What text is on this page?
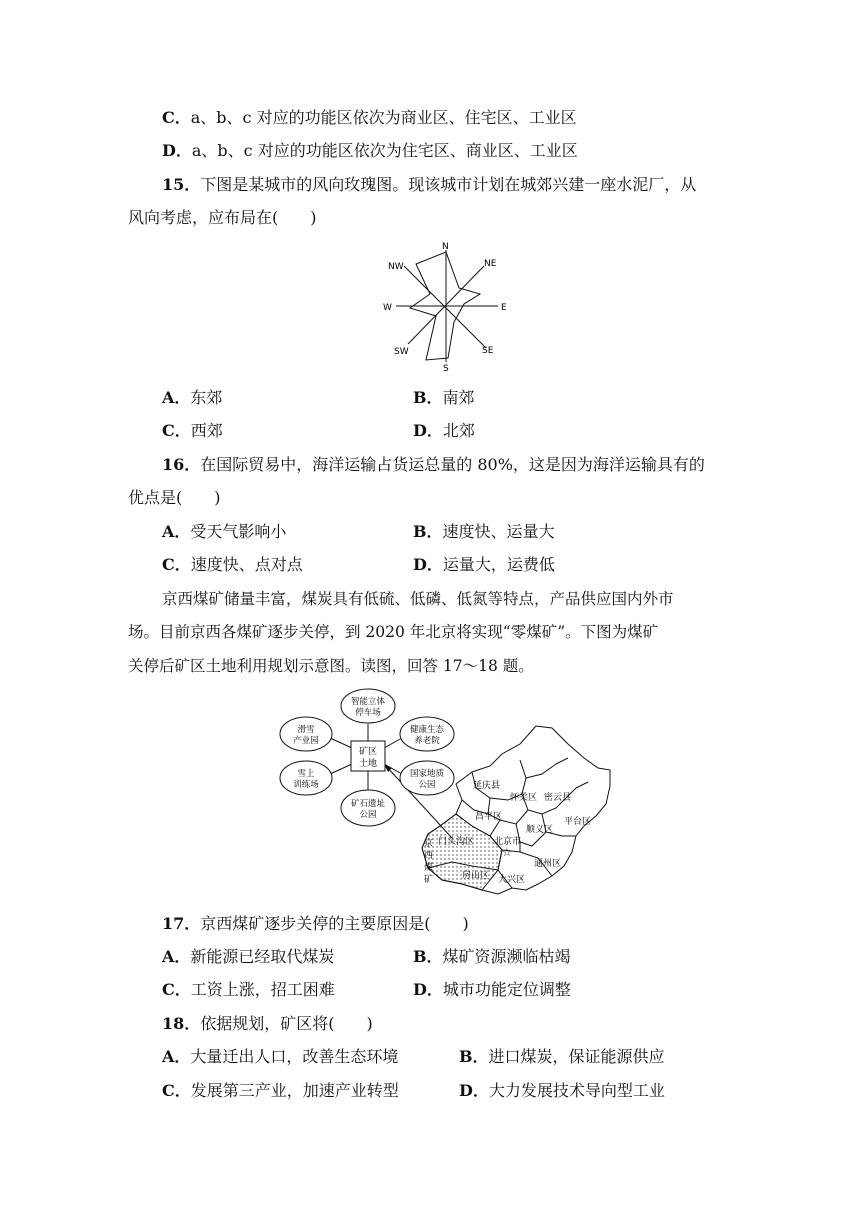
C．a、b、c 对应的功能区依次为商业区、住宅区、工业区
D．a、b、c 对应的功能区依次为住宅区、商业区、工业区
15．下图是某城市的风向玫瑰图。现该城市计划在城郊兴建一座水泥厂，从
风向考虑，应布局在(　　)
N
NE
E
SE
S
SW
W
NW
A．东郊	B．南郊
C．西郊	D．北郊
16．在国际贸易中，海洋运输占货运总量的 80%，这是因为海洋运输具有的
优点是(　　)
A．受天气影响小	B．速度快、运量大
C．速度快、点对点	D．运量大，运费低
京西煤矿储量丰富，煤炭具有低硫、低磷、低氮等特点，产品供应国内外市
场。目前京西各煤矿逐步关停，到 2020 年北京将实现“零煤矿”。下图为煤矿
关停后矿区土地利用规划示意图。读图，回答 17～18 题。
矿区
土地
智能立体
停车场
滑雪
产业园
健康生态
养老院
雪上
训练场
国家地质
公园
矿石遗址
公园
延庆县
怀柔区 密云县
昌平区
顺义区
平台区
门头沟区 北京市
☆
通州区
房山区 大兴区
京
西
煤
矿
17．京西煤矿逐步关停的主要原因是(　　)
A．新能源已经取代煤炭	B．煤矿资源濒临枯竭
C．工资上涨，招工困难	D．城市功能定位调整
18．依据规划，矿区将(　　)
A．大量迁出人口，改善生态环境	B．进口煤炭，保证能源供应
C．发展第三产业，加速产业转型	D．大力发展技术导向型工业
